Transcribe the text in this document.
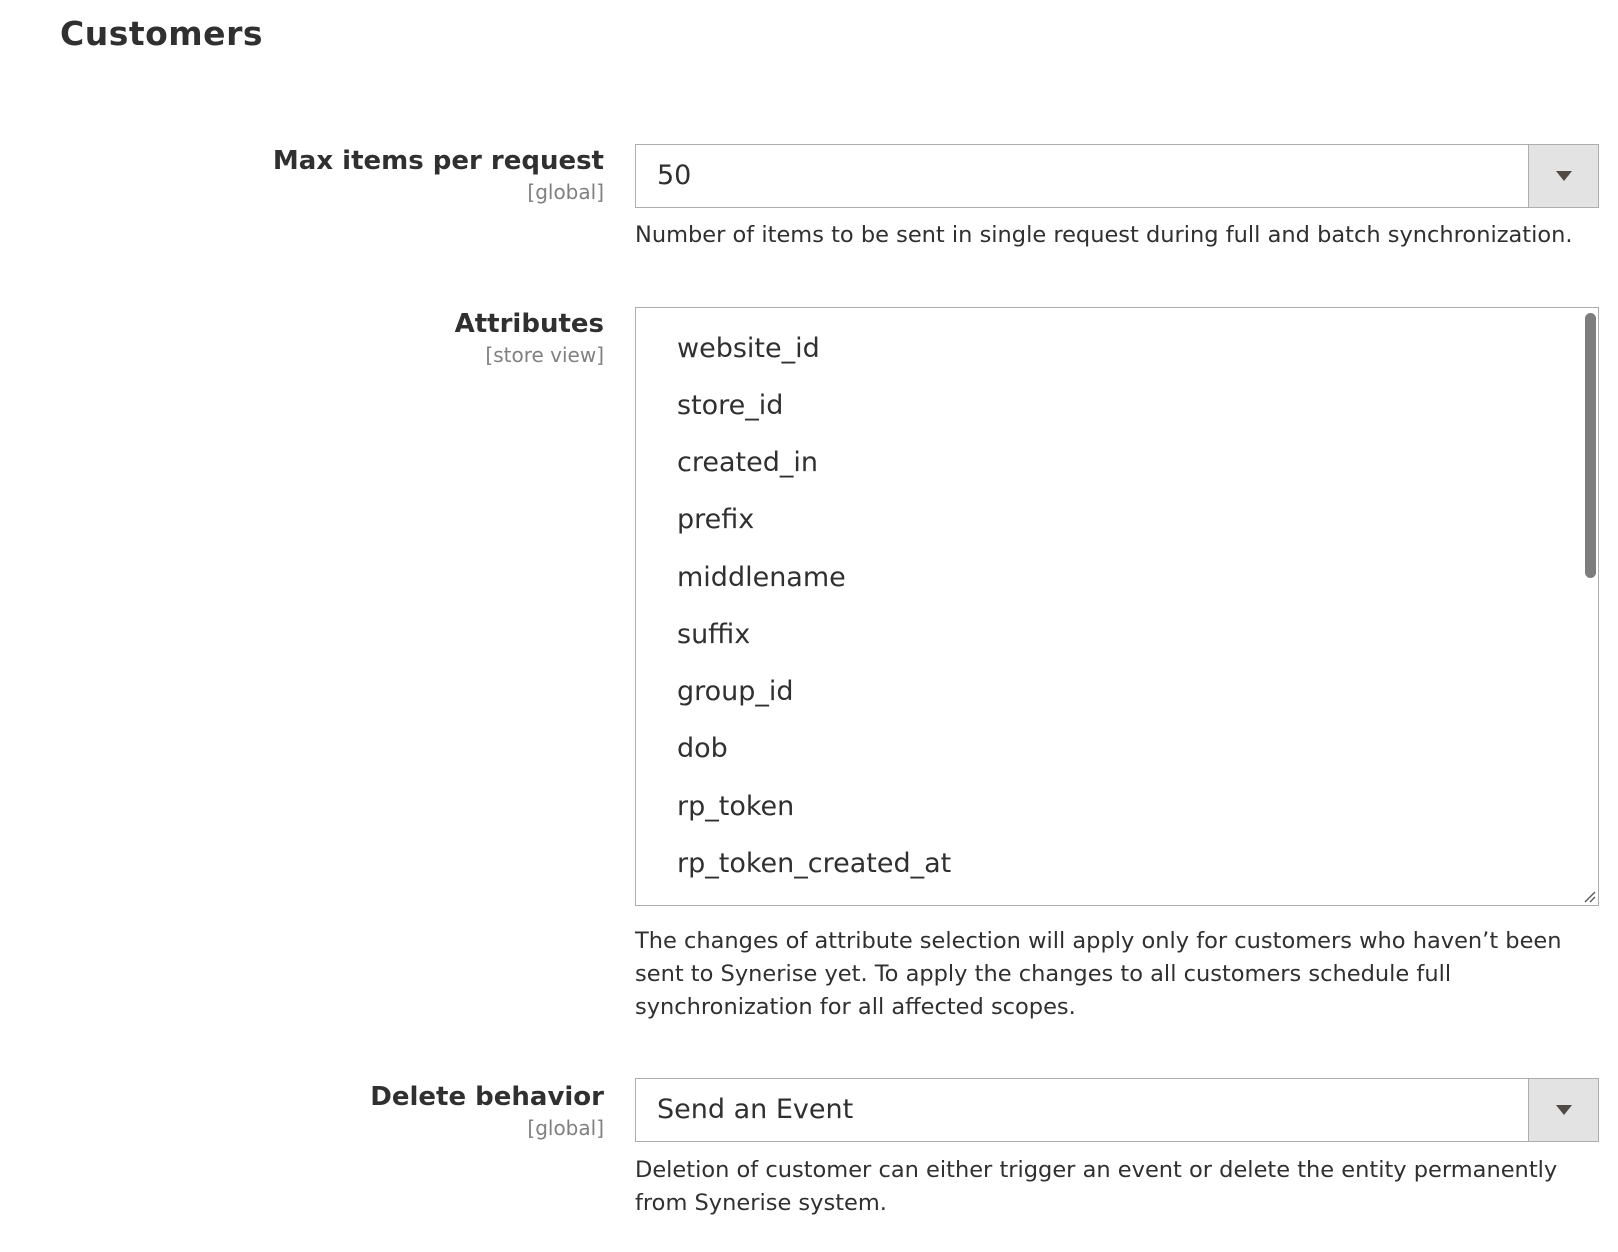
Customers
Max items per request
[global]
50
Number of items to be sent in single request during full and batch synchronization.
Attributes
[store view]	website_id
store_id
created_in
prefix
middlename
suffix
group_id
dob
rp_token
rp_token_created_at
The changes of attribute selection will apply only for customers who haven’t been sent to Synerise yet. To apply the changes to all customers schedule full synchronization for all affected scopes.
Delete behavior
[global]
Send an Event
Deletion of customer can either trigger an event or delete the entity permanently from Synerise system.
